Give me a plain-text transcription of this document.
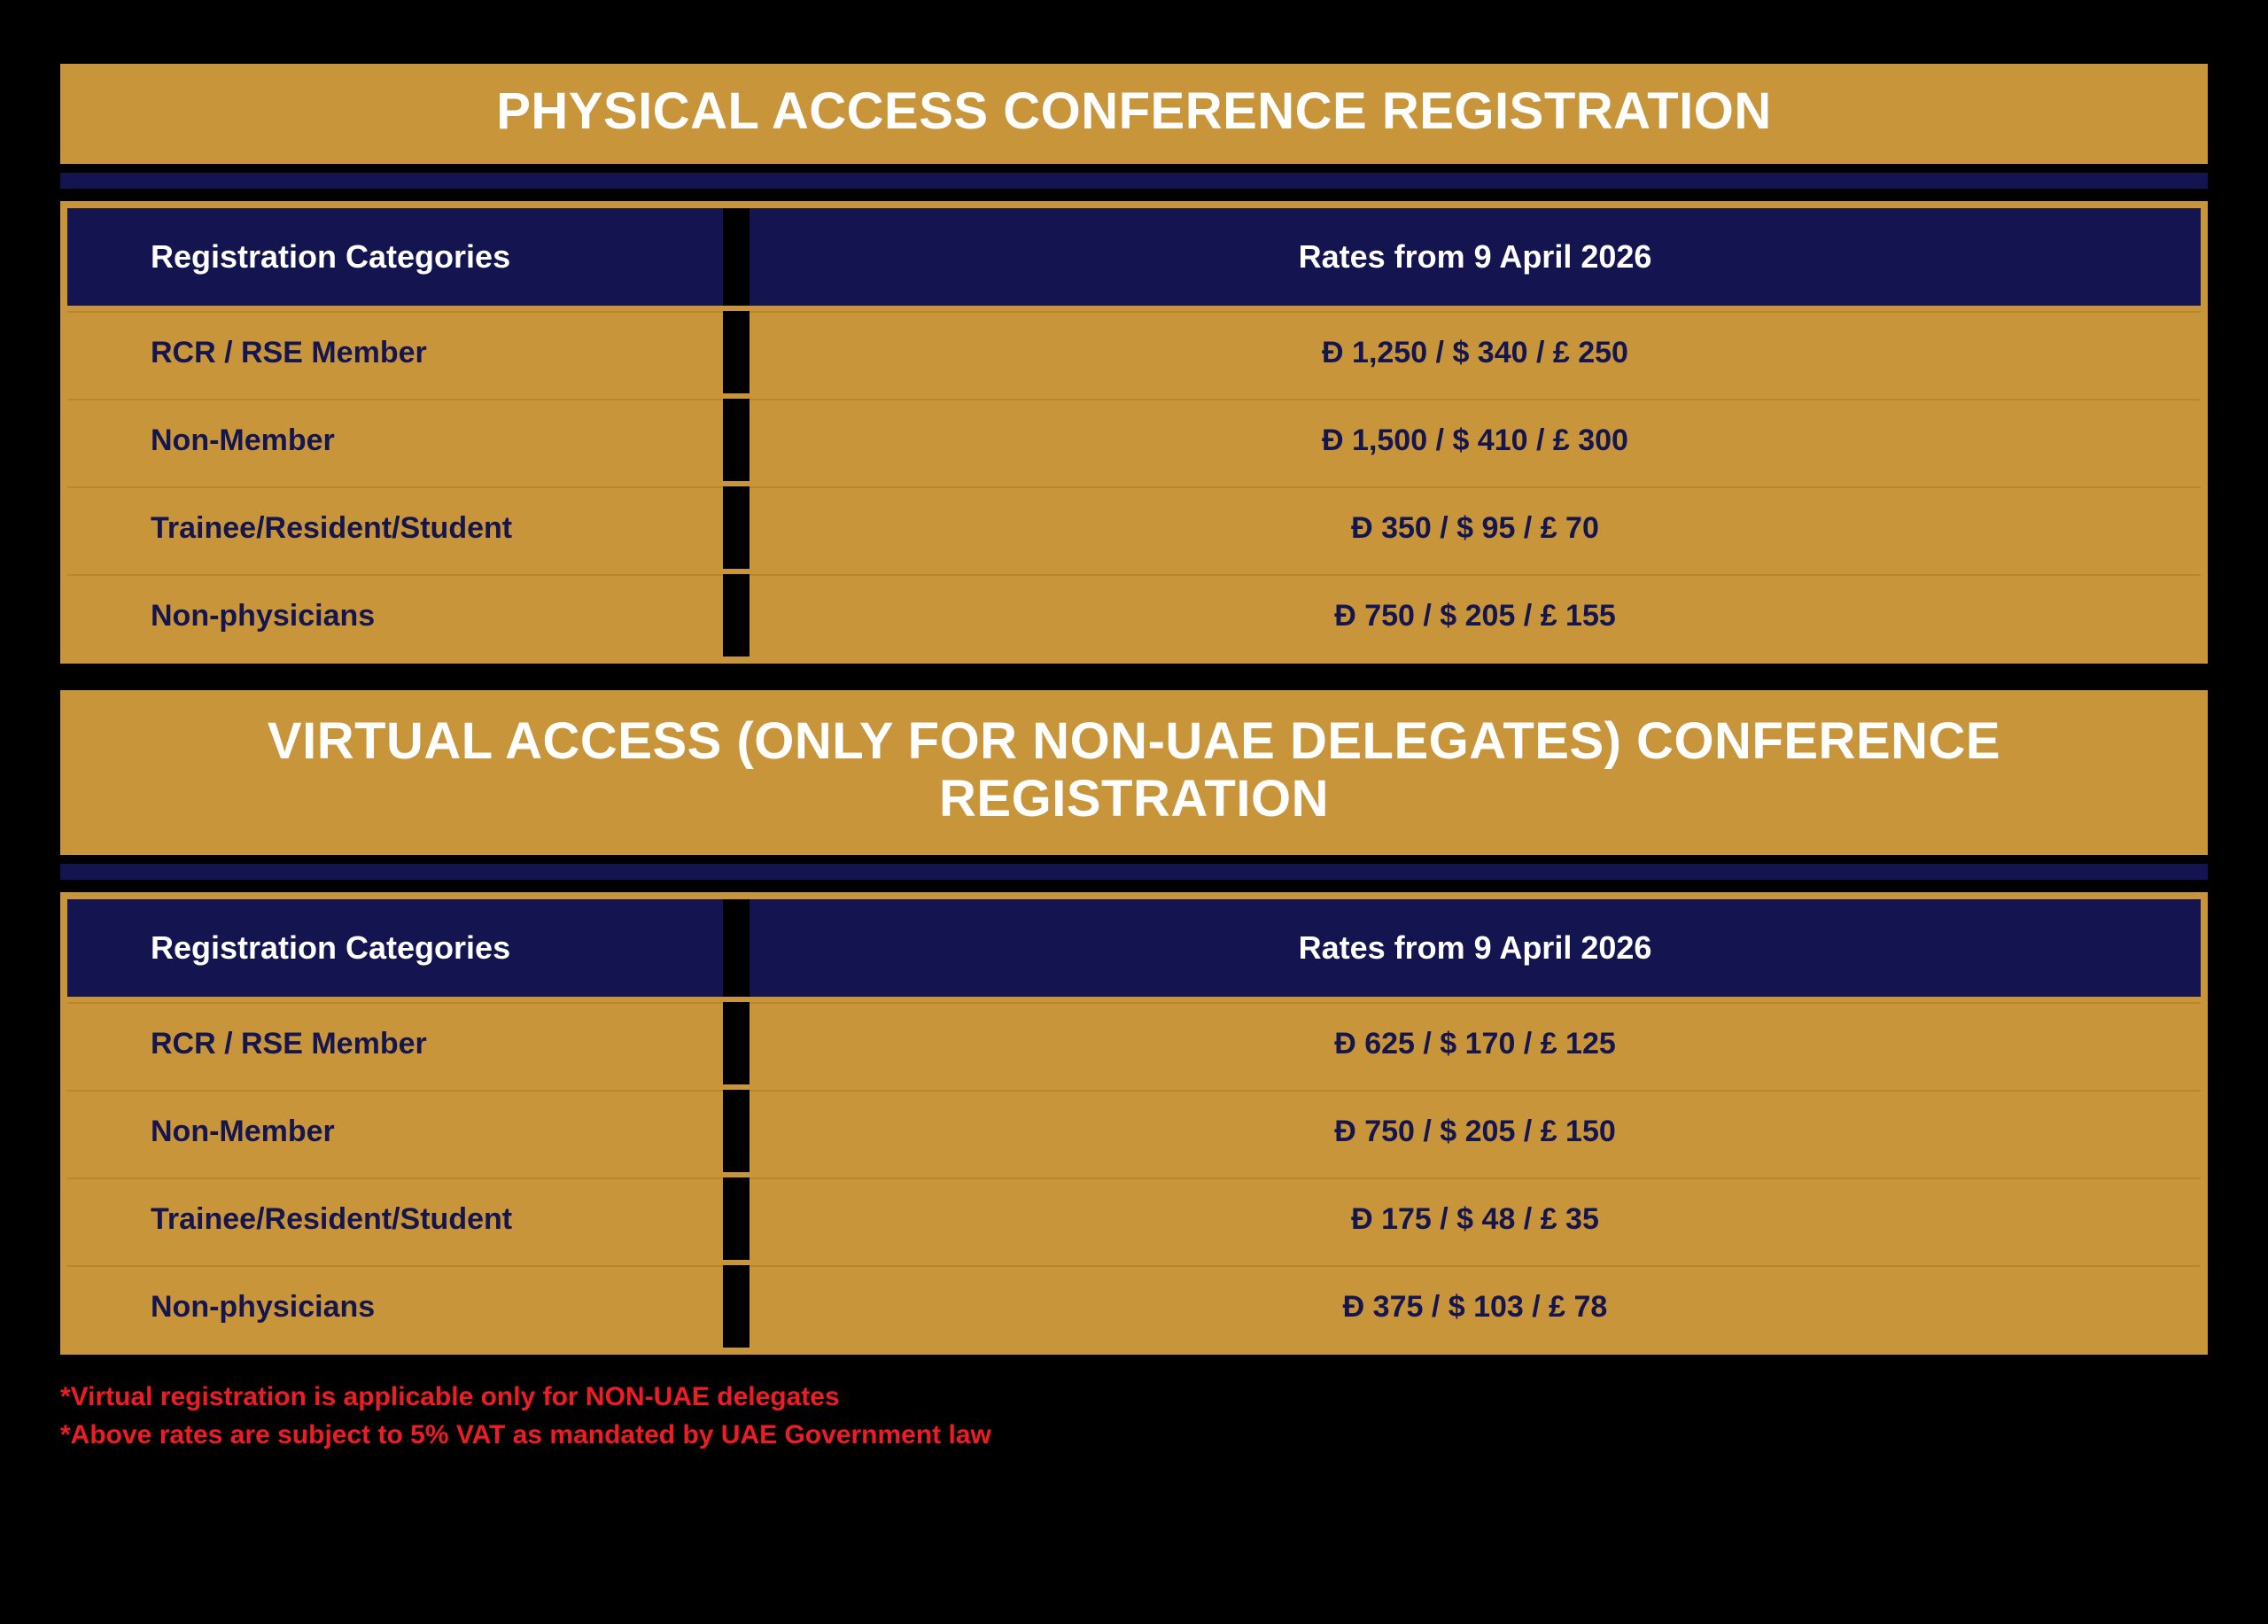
PHYSICAL ACCESS CONFERENCE REGISTRATION
Registration Categories	Rates from 9 April 2026
RCR / RSE Member	Ð 1,250 / $ 340 / £ 250
Non-Member	Ð 1,500 / $ 410 / £ 300
Trainee/Resident/Student	Ð 350 / $ 95 / £ 70
Non-physicians	Ð 750 / $ 205 / £ 155
VIRTUAL ACCESS (ONLY FOR NON-UAE DELEGATES) CONFERENCE REGISTRATION
Registration Categories	Rates from 9 April 2026
RCR / RSE Member	Ð 625 / $ 170 / £ 125
Non-Member	Ð 750 / $ 205 / £ 150
Trainee/Resident/Student	Ð 175 / $ 48 / £ 35
Non-physicians	Ð 375 / $ 103 / £ 78
*Virtual registration is applicable only for NON-UAE delegates
*Above rates are subject to 5% VAT as mandated by UAE Government law
